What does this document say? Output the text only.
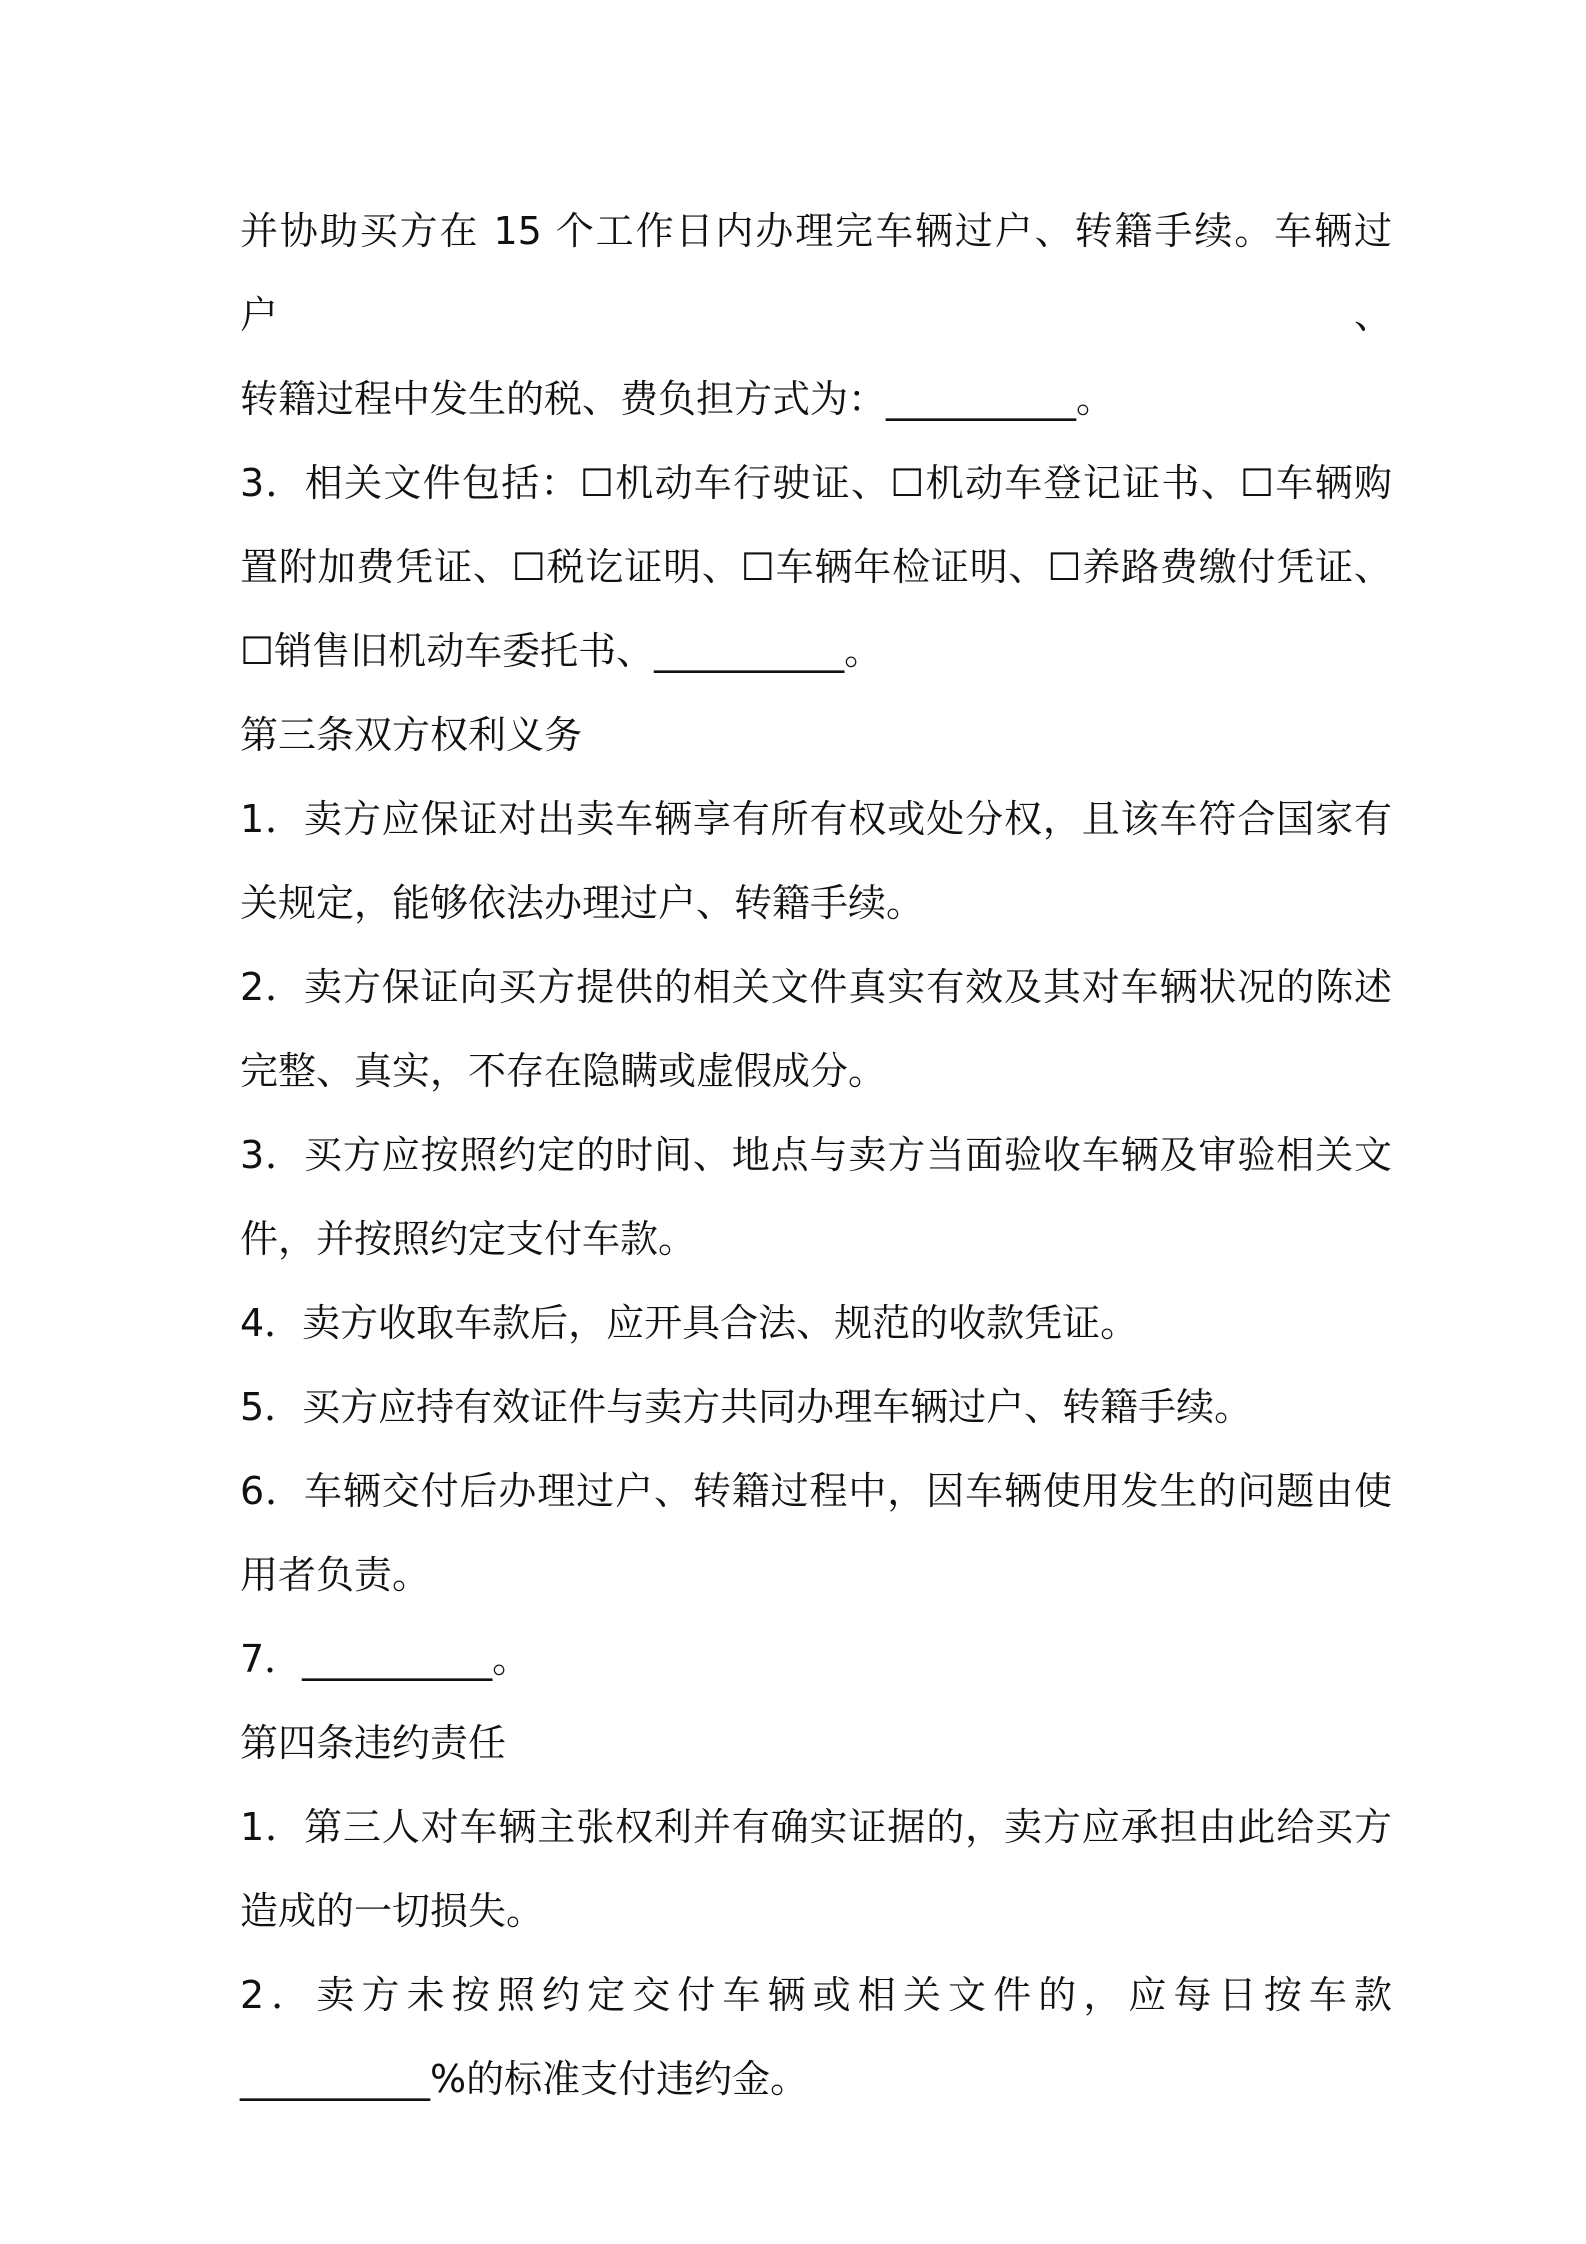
并协助买方在 15 个工作日内办理完车辆过户、转籍手续。车辆过户、
转籍过程中发生的税、费负担方式为：__________。
3．相关文件包括：☐机动车行驶证、☐机动车登记证书、☐车辆购
置附加费凭证、☐税讫证明、☐车辆年检证明、☐养路费缴付凭证、
☐销售旧机动车委托书、__________。
第三条双方权利义务
1．卖方应保证对出卖车辆享有所有权或处分权，且该车符合国家有
关规定，能够依法办理过户、转籍手续。
2．卖方保证向买方提供的相关文件真实有效及其对车辆状况的陈述
完整、真实，不存在隐瞒或虚假成分。
3．买方应按照约定的时间、地点与卖方当面验收车辆及审验相关文
件，并按照约定支付车款。
4．卖方收取车款后，应开具合法、规范的收款凭证。
5．买方应持有效证件与卖方共同办理车辆过户、转籍手续。
6．车辆交付后办理过户、转籍过程中，因车辆使用发生的问题由使
用者负责。
7．__________。
第四条违约责任
1．第三人对车辆主张权利并有确实证据的，卖方应承担由此给买方
造成的一切损失。
2．卖方未按照约定交付车辆或相关文件的，应每日按车款
__________%的标准支付违约金。
